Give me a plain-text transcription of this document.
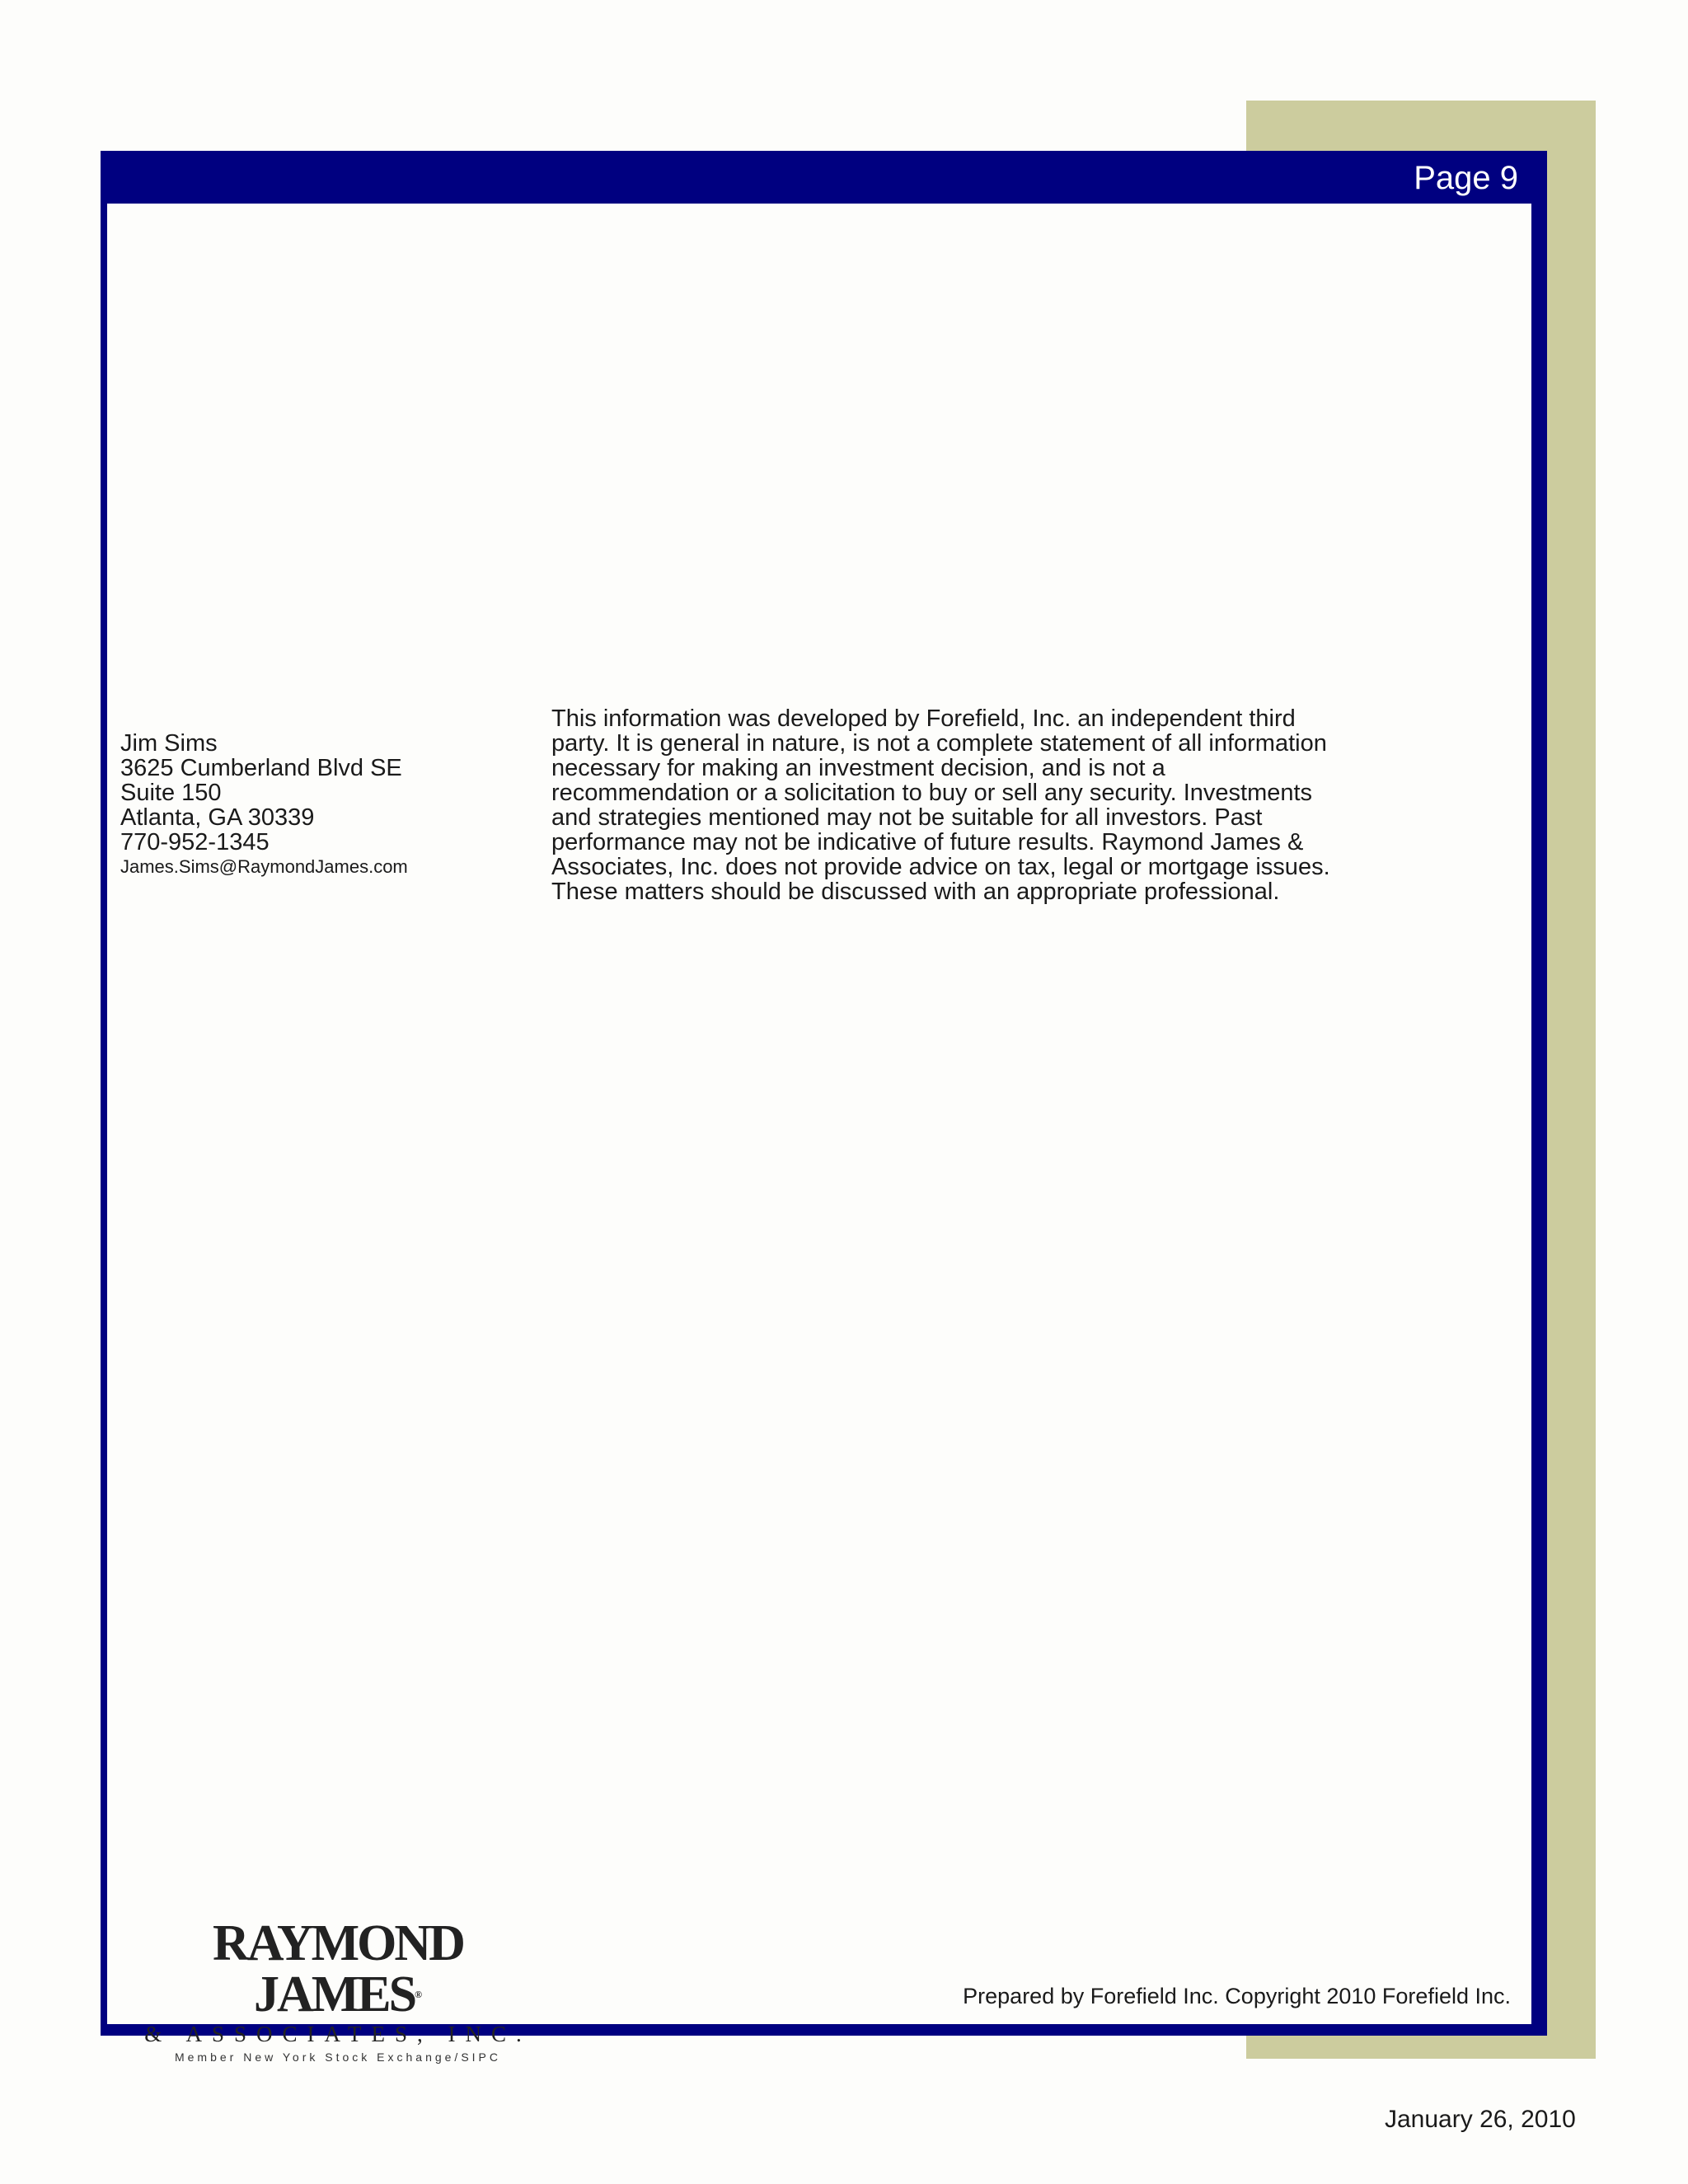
Page 9
Jim Sims
3625 Cumberland Blvd SE
Suite 150
Atlanta, GA 30339
770-952-1345
James.Sims@RaymondJames.com
This information was developed by Forefield, Inc. an independent third
party. It is general in nature, is not a complete statement of all information
necessary for making an investment decision, and is not a
recommendation or a solicitation to buy or sell any security. Investments
and strategies mentioned may not be suitable for all investors. Past
performance may not be indicative of future results. Raymond James &
Associates, Inc. does not provide advice on tax, legal or mortgage issues.
These matters should be discussed with an appropriate professional.
RAYMOND JAMES®
& ASSOCIATES, INC.
Member New York Stock Exchange/SIPC
Prepared by Forefield Inc. Copyright 2010 Forefield Inc.
January 26, 2010
